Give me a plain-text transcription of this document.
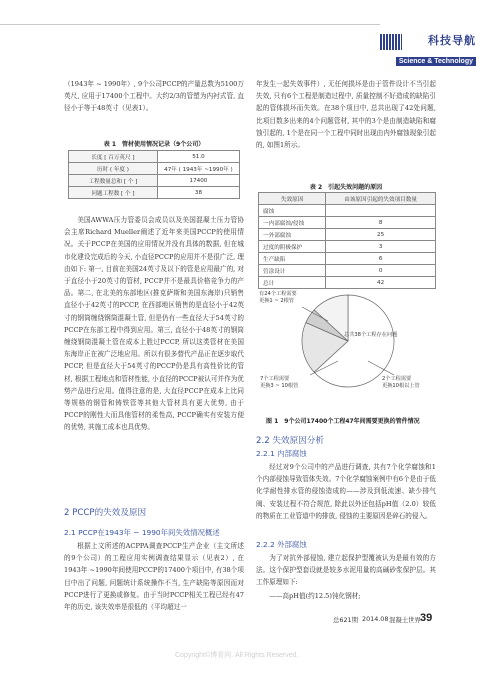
科技导航
Science & Technology
（1943年 ~ 1990年）, 9个公司PCCP的产量总数为5100万英尺, 应用于17400个工程中。大约2/3的管塑为内衬式管, 直径小于等于48英寸（见表1）。
表 1　管材使用情况记录（9个公司）
长度 [ 百万英尺 ]	51.0
历时 ( 年度 )	47年 ( 1943年 ~1990年 )
工程数量总和 [ 个 ]	17400
问题工程数 [ 个 ]	38
美国AWWA压力管委员会成员以及美国混凝土压力管协会主席Richard Mueller阐述了近年来美国PCCP的使用情况。关于PCCP在美国的应用情况并没有具体的数据, 但在城市化建设完成后的今天, 小直径PCCP的应用并不是很广泛, 理由如下: 第一, 目前在美国24英寸及以下的管是应用最广的, 对于直径小于20英寸的管材, PCCP并不是最具价格竞争力的产品。第二, 在北美的东部地区(推克萨斯和美国东海岸)只销售直径小于42英寸的PCCP, 在西部地区销售的是直径小于42英寸的钢筒缠绕钢筒混凝土管, 但是仍有一些直径大于54英寸的PCCP在东部工程中得到应用。第三, 直径小于48英寸的钢筒缠绕钢筒混凝土管在成本上胜过PCCP, 所以这类管材在美国东海岸正在被广泛地应用。所以有很多替代产品正在逐步取代PCCP, 但是直径大于54英寸的PCCP仍是具有高性价比的管材, 根据工程地点和管材性能, 小直径的PCCP被认可并作为优势产品进行应用。值得注意的是, 大直径PCCP在成本上比同等规格的钢管和铸铁管等其他大管材具有更大优势, 由于PCCP的刚性大而具他管材的柔性高, PCCP确实有安装方便的优势, 其施工成本也具优势。
2 PCCP的失效及原因
2.1 PCCP在1943年 ~ 1990年间失效情况概述
根据上文所述的ACPPA调查PCCP生产企业（主文所述的9个公司）的工程应用实例调查结果显示（见表2）, 在1943年 ~1990年间使用PCCP的17400个项目中, 有38个项目中出了问题, 问题统计系统操作不当, 生产缺陷等原因而对PCCP进行了更换或修复。由于当时PCCP相关工程已经有47年的历史, 该失效率是很低的（平均超过一
年发生一起失效事件）, 无任何损坏是由于管件设计不当引起失效, 只有6个工程是制造过程中, 质量控制不好造成的缺陷引起的管体损坏而失效。在38个项目中, 总共出现了42处问题, 比项目数多出来的4个问题管材, 其中的3个是由制造缺陷和腐蚀引起的, 1个是在同一个工程中同时出现由内外腐蚀现象引起的, 如图1所示。
表 2　引起失效问题的原因
失效原因	由该原因引起的失效项目数量
腐蚀	
一内部腐蚀/侵蚀	8
一外部腐蚀	25
过度的阴极保护	3
生产缺陷	6
管涂设计	0
总计	42
有24个工程需要
更换1 ~ 2根管
总共38个工程存在问题
7个工程需要
更换3 ~ 10根管
2个工程需要
更换10根以上管
图 1　9个公司17400个工程47年间需要更换的管件情况
2.2 失效原因分析
2.2.1 内部腐蚀
经过对9个公司中的产品进行调查, 共有7个化学腐蚀和1个内部侵蚀导致管体失效。7个化学腐蚀案例中有6个是由于低化学耐性排水管的侵蚀造成的——涉及到低流速、缺少排气阀、安装过程不符合规范, 除此以外还包括pH值（2.0）较低的物质在工业管道中的排放, 侵蚀的主要原因是碎石的侵入。
2.2.2 外部腐蚀
为了对抗外部侵蚀, 建立起保护型覆被认为是最有效的方法。这个保护型套设就是较多水泥用量的高碱砂浆保护层。其工作原理如下:
——高pH值(约12.5)钝化钢材;
总621期 2014.08 混凝土世界 39
Copyright©博看网. All Rights Reserved.
